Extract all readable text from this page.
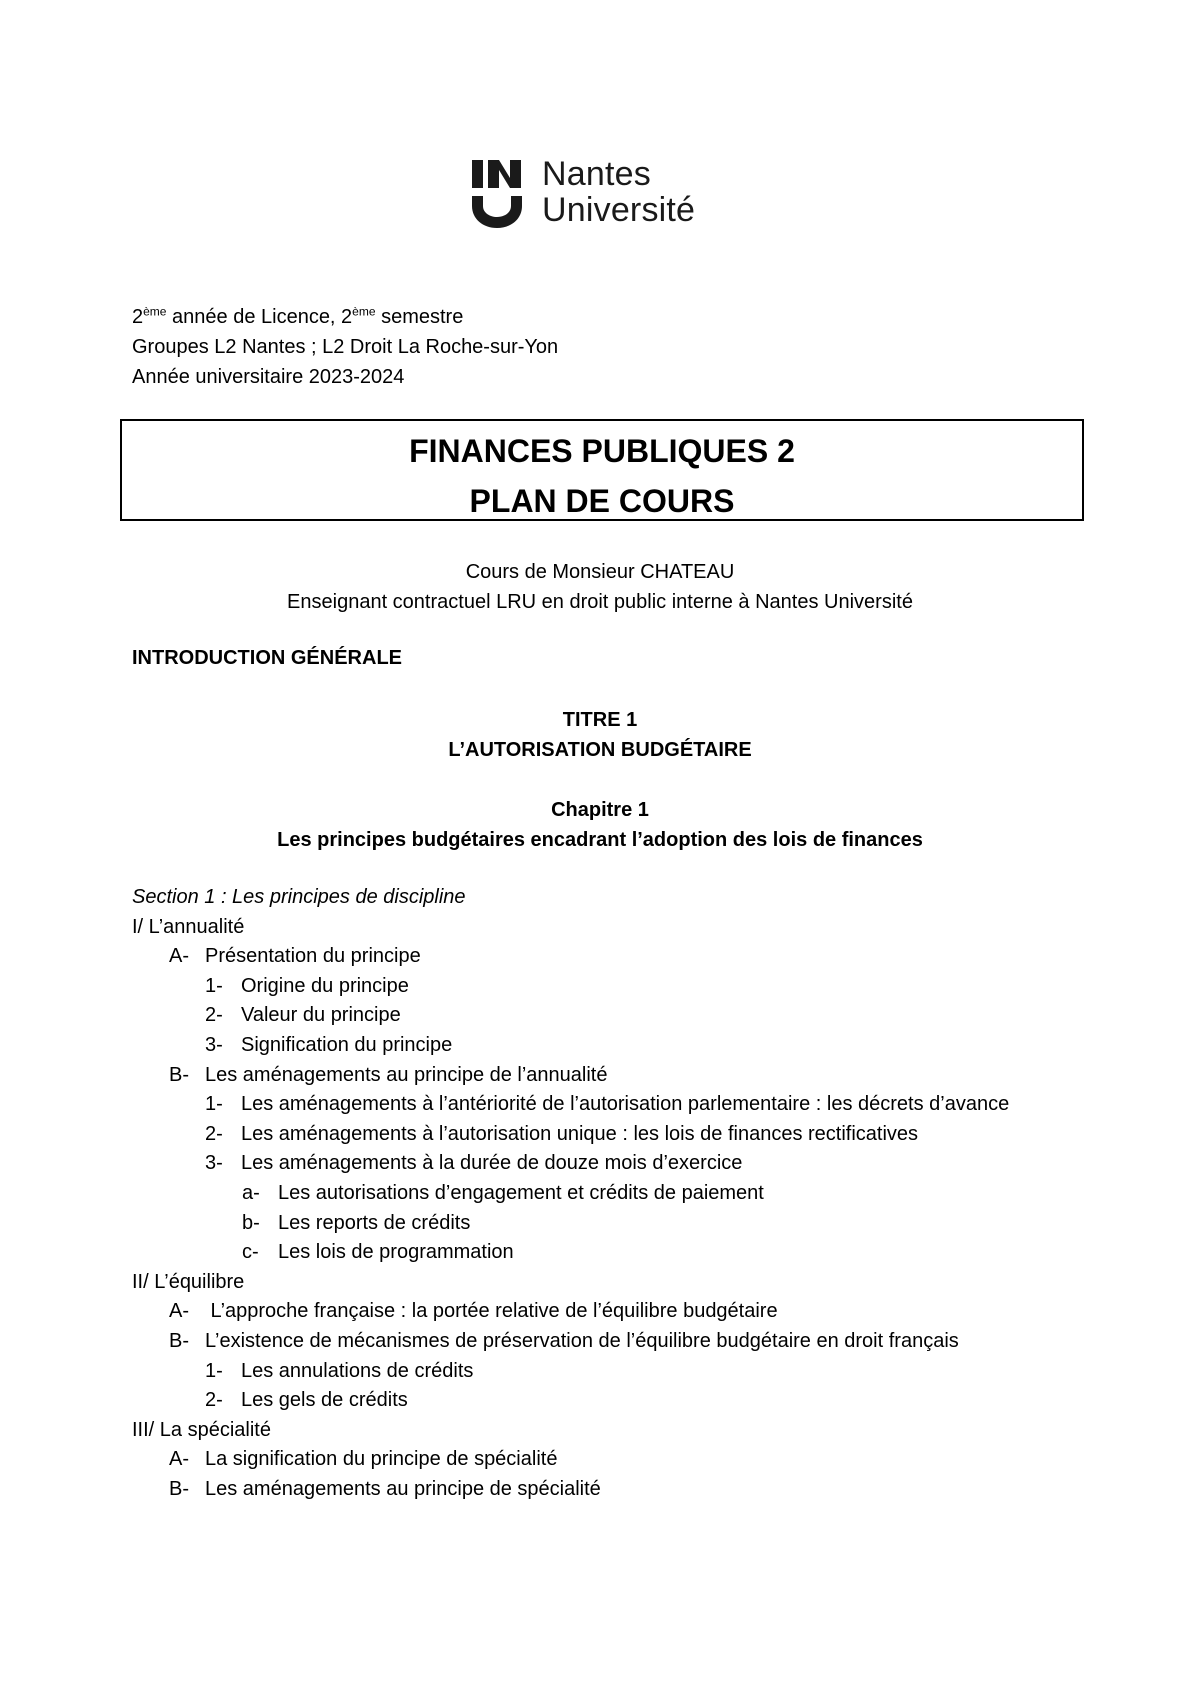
Nantes
Université
2ème année de Licence, 2ème semestre
Groupes L2 Nantes ; L2 Droit La Roche-sur-Yon
Année universitaire 2023-2024
FINANCES PUBLIQUES 2
PLAN DE COURS
Cours de Monsieur CHATEAU
Enseignant contractuel LRU en droit public interne à Nantes Université
INTRODUCTION GÉNÉRALE
TITRE 1
L’AUTORISATION BUDGÉTAIRE
Chapitre 1
Les principes budgétaires encadrant l’adoption des lois de finances
Section 1 : Les principes de discipline
I/ L’annualité
A- Présentation du principe
1- Origine du principe
2- Valeur du principe
3- Signification du principe
B- Les aménagements au principe de l’annualité
1- Les aménagements à l’antériorité de l’autorisation parlementaire : les décrets d’avance
2- Les aménagements à l’autorisation unique : les lois de finances rectificatives
3- Les aménagements à la durée de douze mois d’exercice
a- Les autorisations d’engagement et crédits de paiement
b- Les reports de crédits
c- Les lois de programmation
II/ L’équilibre
A- L’approche française : la portée relative de l’équilibre budgétaire
B- L’existence de mécanismes de préservation de l’équilibre budgétaire en droit français
1- Les annulations de crédits
2- Les gels de crédits
III/ La spécialité
A- La signification du principe de spécialité
B- Les aménagements au principe de spécialité
